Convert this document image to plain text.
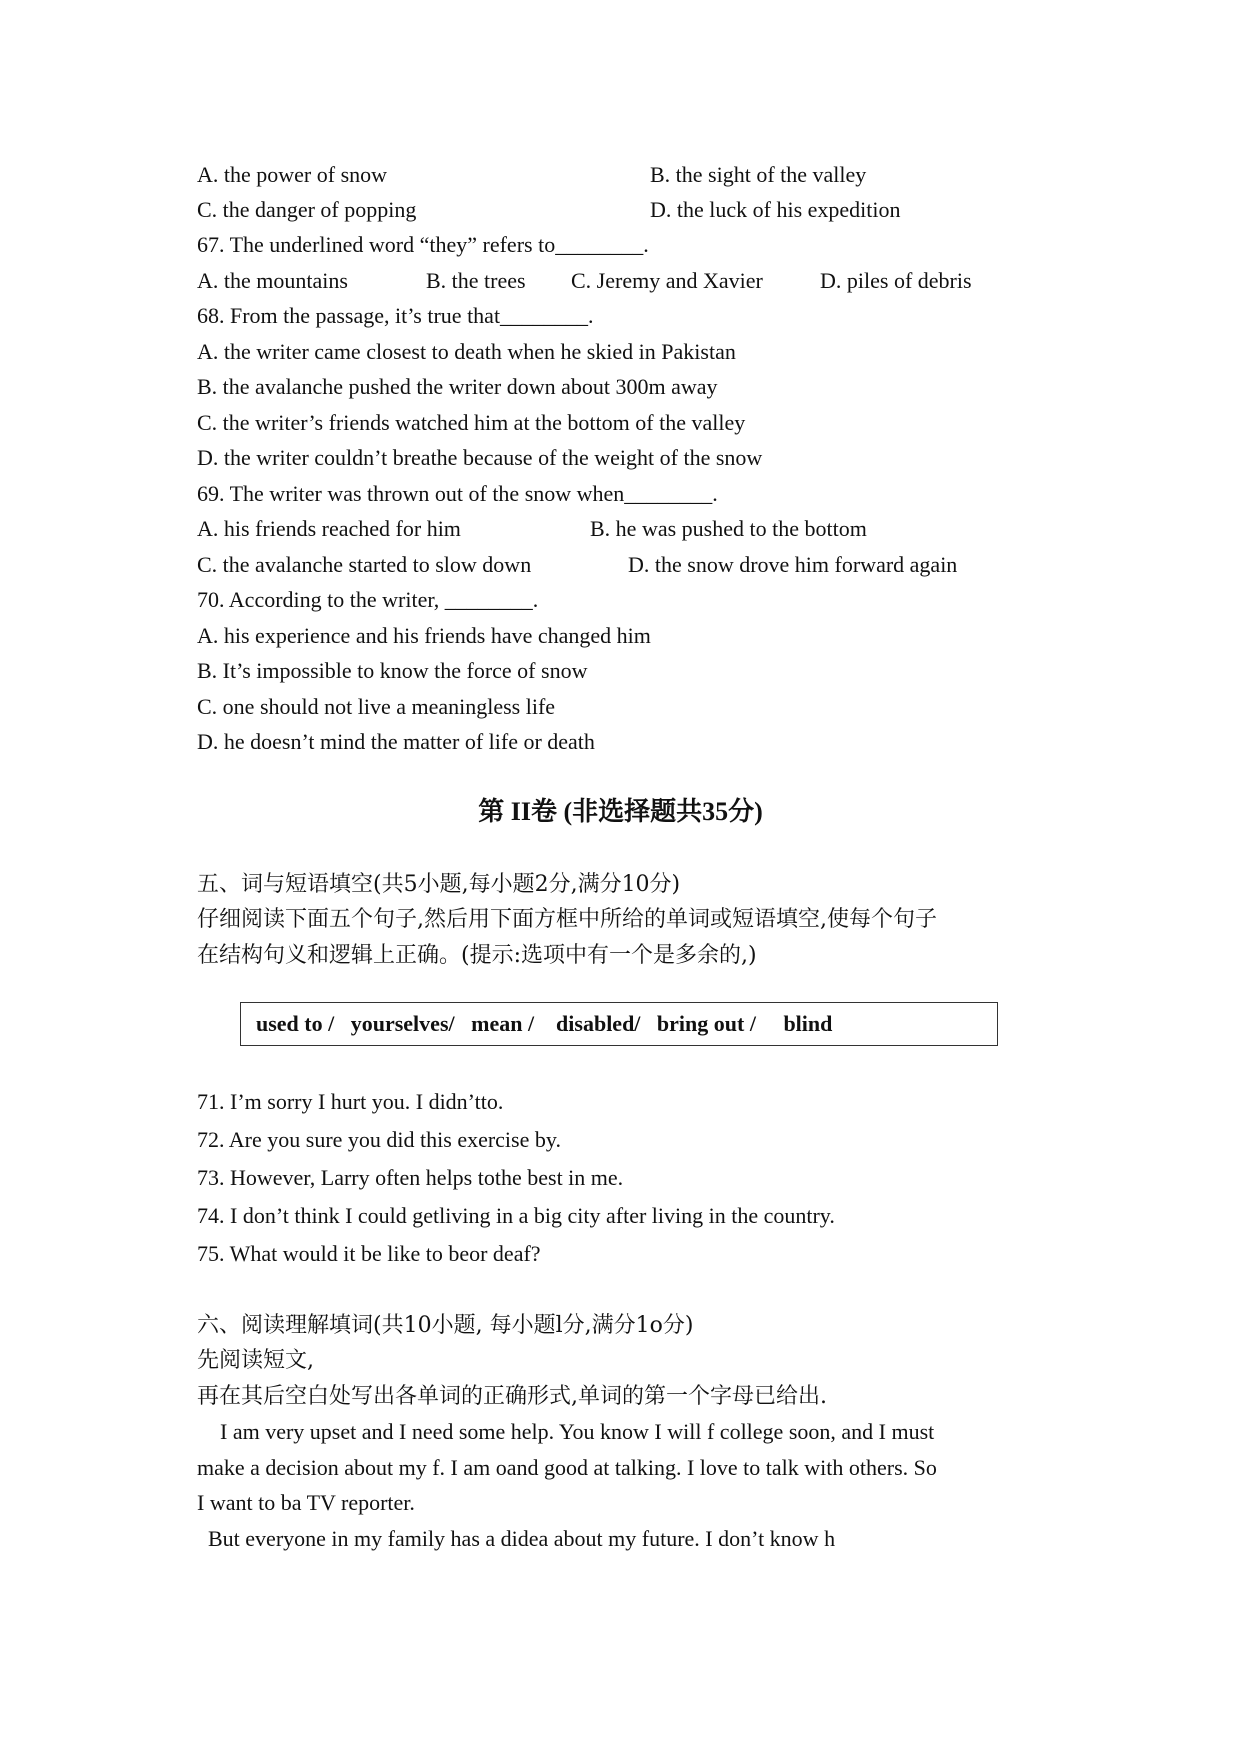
A. the power of snow	B. the sight of the valley
C. the danger of popping	D. the luck of his expedition
67. The underlined word “they” refers to________.
A. the mountains	B. the trees C. Jeremy and Xavier	D. piles of debris
68. From the passage, it’s true that________.
A. the writer came closest to death when he skied in Pakistan
B. the avalanche pushed the writer down about 300m away
C. the writer’s friends watched him at the bottom of the valley
D. the writer couldn’t breathe because of the weight of the snow
69. The writer was thrown out of the snow when________.
A. his friends reached for him	B. he was pushed to the bottom
C. the avalanche started to slow down	D. the snow drove him forward again
70. According to the writer, ________.
A. his experience and his friends have changed him
B. It’s impossible to know the force of snow
C. one should not live a meaningless life
D. he doesn’t mind the matter of life or death
第 II卷 (非选择题共35分)
五、词与短语填空(共5小题,每小题2分,满分10分)
仔细阅读下面五个句子,然后用下面方框中所给的单词或短语填空,使每个句子
在结构句义和逻辑上正确。(提示:选项中有一个是多余的,)
used to /   yourselves/   mean /    disabled/   bring out /     blind
71. I’m sorry I hurt you. I didn’tto.
72. Are you sure you did this exercise by.
73. However, Larry often helps tothe best in me.
74. I don’t think I could getliving in a big city after living in the country.
75. What would it be like to beor deaf?
六、阅读理解填词(共10小题, 每小题l分,满分1o分)
先阅读短文,
再在其后空白处写出各单词的正确形式,单词的第一个字母已给出.
I am very upset and I need some help. You know I will f college soon, and I must
make a decision about my f. I am oand good at talking. I love to talk with others. So
I want to ba TV reporter.
But everyone in my family has a didea about my future. I don’t know h
